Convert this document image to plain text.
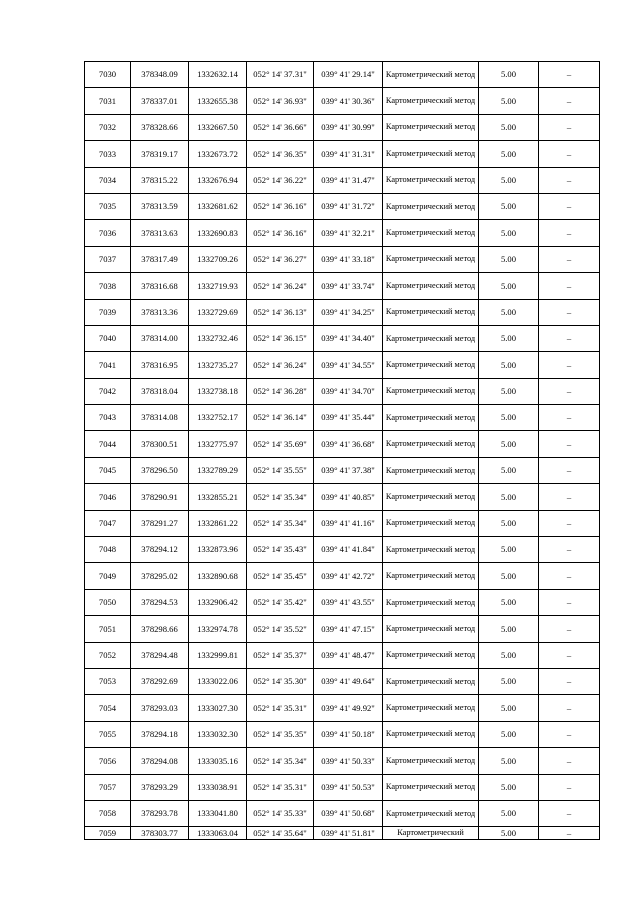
7030	378348.09	1332632.14	052° 14' 37.31"	039° 41' 29.14"	Картометрический метод	5.00	–
7031	378337.01	1332655.38	052° 14' 36.93"	039° 41' 30.36"	Картометрический метод	5.00	–
7032	378328.66	1332667.50	052° 14' 36.66"	039° 41' 30.99"	Картометрический метод	5.00	–
7033	378319.17	1332673.72	052° 14' 36.35"	039° 41' 31.31"	Картометрический метод	5.00	–
7034	378315.22	1332676.94	052° 14' 36.22"	039° 41' 31.47"	Картометрический метод	5.00	–
7035	378313.59	1332681.62	052° 14' 36.16"	039° 41' 31.72"	Картометрический метод	5.00	–
7036	378313.63	1332690.83	052° 14' 36.16"	039° 41' 32.21"	Картометрический метод	5.00	–
7037	378317.49	1332709.26	052° 14' 36.27"	039° 41' 33.18"	Картометрический метод	5.00	–
7038	378316.68	1332719.93	052° 14' 36.24"	039° 41' 33.74"	Картометрический метод	5.00	–
7039	378313.36	1332729.69	052° 14' 36.13"	039° 41' 34.25"	Картометрический метод	5.00	–
7040	378314.00	1332732.46	052° 14' 36.15"	039° 41' 34.40"	Картометрический метод	5.00	–
7041	378316.95	1332735.27	052° 14' 36.24"	039° 41' 34.55"	Картометрический метод	5.00	–
7042	378318.04	1332738.18	052° 14' 36.28"	039° 41' 34.70"	Картометрический метод	5.00	–
7043	378314.08	1332752.17	052° 14' 36.14"	039° 41' 35.44"	Картометрический метод	5.00	–
7044	378300.51	1332775.97	052° 14' 35.69"	039° 41' 36.68"	Картометрический метод	5.00	–
7045	378296.50	1332789.29	052° 14' 35.55"	039° 41' 37.38"	Картометрический метод	5.00	–
7046	378290.91	1332855.21	052° 14' 35.34"	039° 41' 40.85"	Картометрический метод	5.00	–
7047	378291.27	1332861.22	052° 14' 35.34"	039° 41' 41.16"	Картометрический метод	5.00	–
7048	378294.12	1332873.96	052° 14' 35.43"	039° 41' 41.84"	Картометрический метод	5.00	–
7049	378295.02	1332890.68	052° 14' 35.45"	039° 41' 42.72"	Картометрический метод	5.00	–
7050	378294.53	1332906.42	052° 14' 35.42"	039° 41' 43.55"	Картометрический метод	5.00	–
7051	378298.66	1332974.78	052° 14' 35.52"	039° 41' 47.15"	Картометрический метод	5.00	–
7052	378294.48	1332999.81	052° 14' 35.37"	039° 41' 48.47"	Картометрический метод	5.00	–
7053	378292.69	1333022.06	052° 14' 35.30"	039° 41' 49.64"	Картометрический метод	5.00	–
7054	378293.03	1333027.30	052° 14' 35.31"	039° 41' 49.92"	Картометрический метод	5.00	–
7055	378294.18	1333032.30	052° 14' 35.35"	039° 41' 50.18"	Картометрический метод	5.00	–
7056	378294.08	1333035.16	052° 14' 35.34"	039° 41' 50.33"	Картометрический метод	5.00	–
7057	378293.29	1333038.91	052° 14' 35.31"	039° 41' 50.53"	Картометрический метод	5.00	–
7058	378293.78	1333041.80	052° 14' 35.33"	039° 41' 50.68"	Картометрический метод	5.00	–
7059	378303.77	1333063.04	052° 14' 35.64"	039° 41' 51.81"	Картометрический	5.00	–
